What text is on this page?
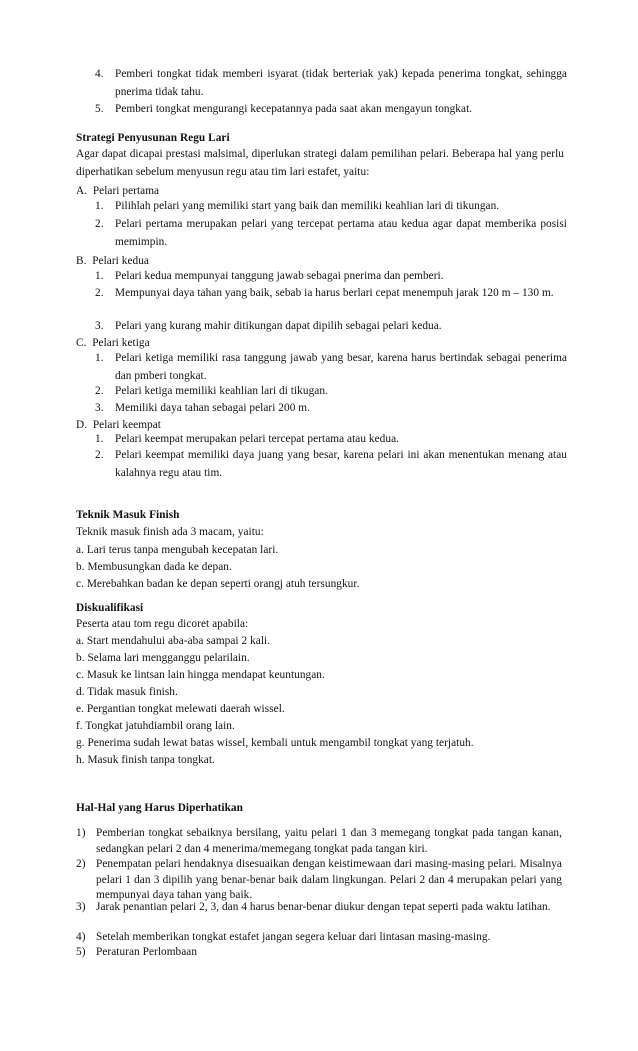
4. Pemberi tongkat tidak memberi isyarat (tidak berteriak yak) kepada penerima tongkat, sehingga pnerima tidak tahu.
5. Pemberi tongkat mengurangi kecepatannya pada saat akan mengayun tongkat.
Strategi Penyusunan Regu Lari
Agar dapat dicapai prestasi malsimal, diperlukan strategi dalam pemilihan pelari. Beberapa hal yang perlu diperhatikan sebelum menyusun regu atau tim lari estafet, yaitu:
A. Pelari pertama
1. Pilihlah pelari yang memiliki start yang baik dan memiliki keahlian lari di tikungan.
2. Pelari pertama merupakan pelari yang tercepat pertama atau kedua agar dapat memberika posisi memimpin.
B. Pelari kedua
1. Pelari kedua mempunyai tanggung jawab sebagai pnerima dan pemberi.
2. Mempunyai daya tahan yang baik, sebab ia harus berlari cepat menempuh jarak 120 m – 130 m.
3. Pelari yang kurang mahir ditikungan dapat dipilih sebagai pelari kedua.
C. Pelari ketiga
1. Pelari ketiga memiliki rasa tanggung jawab yang besar, karena harus bertindak sebagai penerima dan pmberi tongkat.
2. Pelari ketiga memiliki keahlian lari di tikugan.
3. Memiliki daya tahan sebagai pelari 200 m.
D. Pelari keempat
1. Pelari keempat merupakan pelari tercepat pertama atau kedua.
2. Pelari keempat memiliki daya juang yang besar, karena pelari ini akan menentukan menang atau kalahnya regu atau tim.
Teknik Masuk Finish
Teknik masuk finish ada 3 macam, yaitu:
a. Lari terus tanpa mengubah kecepatan lari.
b. Membusungkan dada ke depan.
c. Merebahkan badan ke depan seperti orangj atuh tersungkur.
Diskualifikasi
Peserta atau tom regu dicoret apabila:
a. Start mendahului aba-aba sampai 2 kali.
b. Selama lari mengganggu pelarilain.
c. Masuk ke lintsan lain hingga mendapat keuntungan.
d. Tidak masuk finish.
e. Pergantian tongkat melewati daerah wissel.
f. Tongkat jatuhdiambil orang lain.
g. Penerima sudah lewat batas wissel, kembali untuk mengambil tongkat yang terjatuh.
h. Masuk finish tanpa tongkat.
Hal-Hal yang Harus Diperhatikan
1) Pemberian tongkat sebaiknya bersilang, yaitu pelari 1 dan 3 memegang tongkat pada tangan kanan, sedangkan pelari 2 dan 4 menerima/memegang tongkat pada tangan kiri.
2) Penempatan pelari hendaknya disesuaikan dengan keistimewaan dari masing-masing pelari. Misalnya pelari 1 dan 3 dipilih yang benar-benar baik dalam lingkungan. Pelari 2 dan 4 merupakan pelari yang mempunyai daya tahan yang baik.
3) Jarak penantian pelari 2, 3, dan 4 harus benar-benar diukur dengan tepat seperti pada waktu latihan.
4) Setelah memberikan tongkat estafet jangan segera keluar dari lintasan masing-masing.
5) Peraturan Perlombaan
